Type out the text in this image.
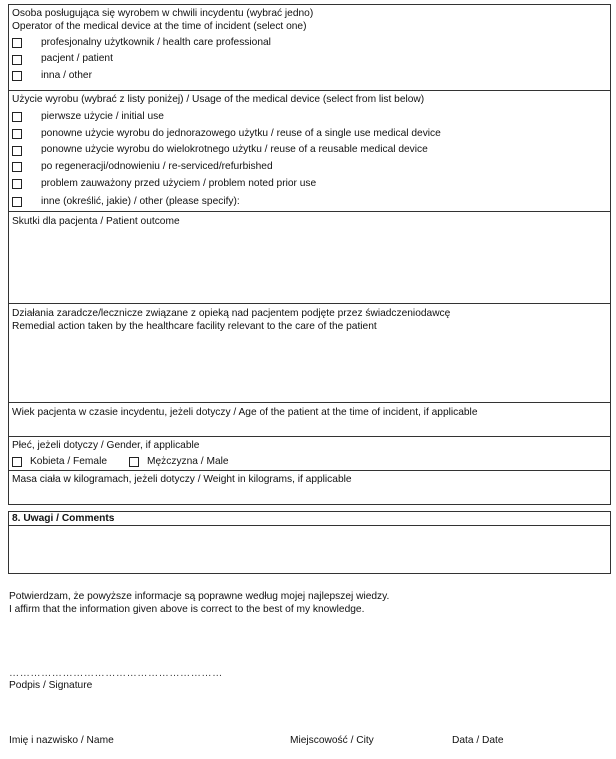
Osoba posługująca się wyrobem w chwili incydentu (wybrać jedno)
Operator of the medical device at the time of incident (select one)
profesjonalny użytkownik / health care professional
pacjent / patient
inna / other
Użycie wyrobu (wybrać z listy poniżej) / Usage of the medical device (select from list below)
pierwsze użycie / initial use
ponowne użycie wyrobu do jednorazowego użytku / reuse of a single use medical device
ponowne użycie wyrobu do wielokrotnego użytku / reuse of a reusable medical device
po regeneracji/odnowieniu / re-serviced/refurbished
problem zauważony przed użyciem / problem noted prior use
inne (określić, jakie) / other (please specify):
Skutki dla pacjenta / Patient outcome
Działania zaradcze/lecznicze związane z opieką nad pacjentem podjęte przez świadczeniodawcę
Remedial action taken by the healthcare facility relevant to the care of the patient
Wiek pacjenta w czasie incydentu, jeżeli dotyczy / Age of the patient at the time of incident, if applicable
Płeć, jeżeli dotyczy / Gender, if applicable
Kobieta / Female	Mężczyzna / Male
Masa ciała w kilogramach, jeżeli dotyczy / Weight in kilograms, if applicable
8. Uwagi / Comments
Potwierdzam, że powyższe informacje są poprawne według mojej najlepszej wiedzy.
I affirm that the information given above is correct to the best of my knowledge.
……………………………………………………
Podpis / Signature
Imię i nazwisko / Name	Miejscowość / City	Data / Date
